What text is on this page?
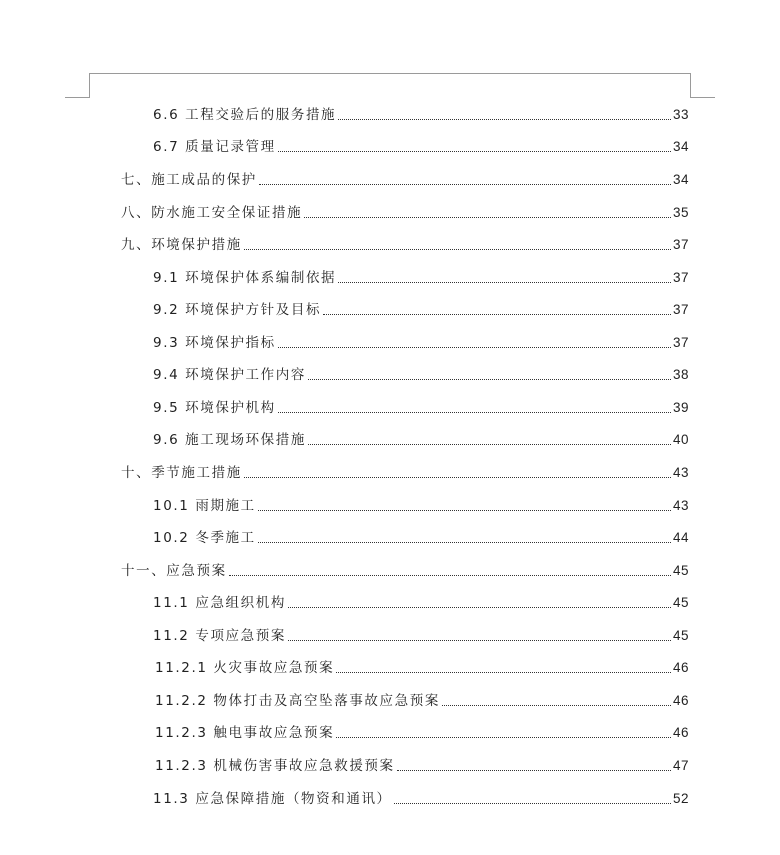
6.6 工程交验后的服务措施	33
6.7 质量记录管理	34
七、施工成品的保护	34
八、防水施工安全保证措施	35
九、环境保护措施	37
9.1 环境保护体系编制依据	37
9.2 环境保护方针及目标	37
9.3 环境保护指标	37
9.4 环境保护工作内容	38
9.5 环境保护机构	39
9.6 施工现场环保措施	40
十、季节施工措施	43
10.1 雨期施工	43
10.2 冬季施工	44
十一、应急预案	45
11.1 应急组织机构	45
11.2 专项应急预案	45
11.2.1 火灾事故应急预案	46
11.2.2 物体打击及高空坠落事故应急预案	46
11.2.3 触电事故应急预案	46
11.2.3 机械伤害事故应急救援预案	47
11.3 应急保障措施（物资和通讯）	52
